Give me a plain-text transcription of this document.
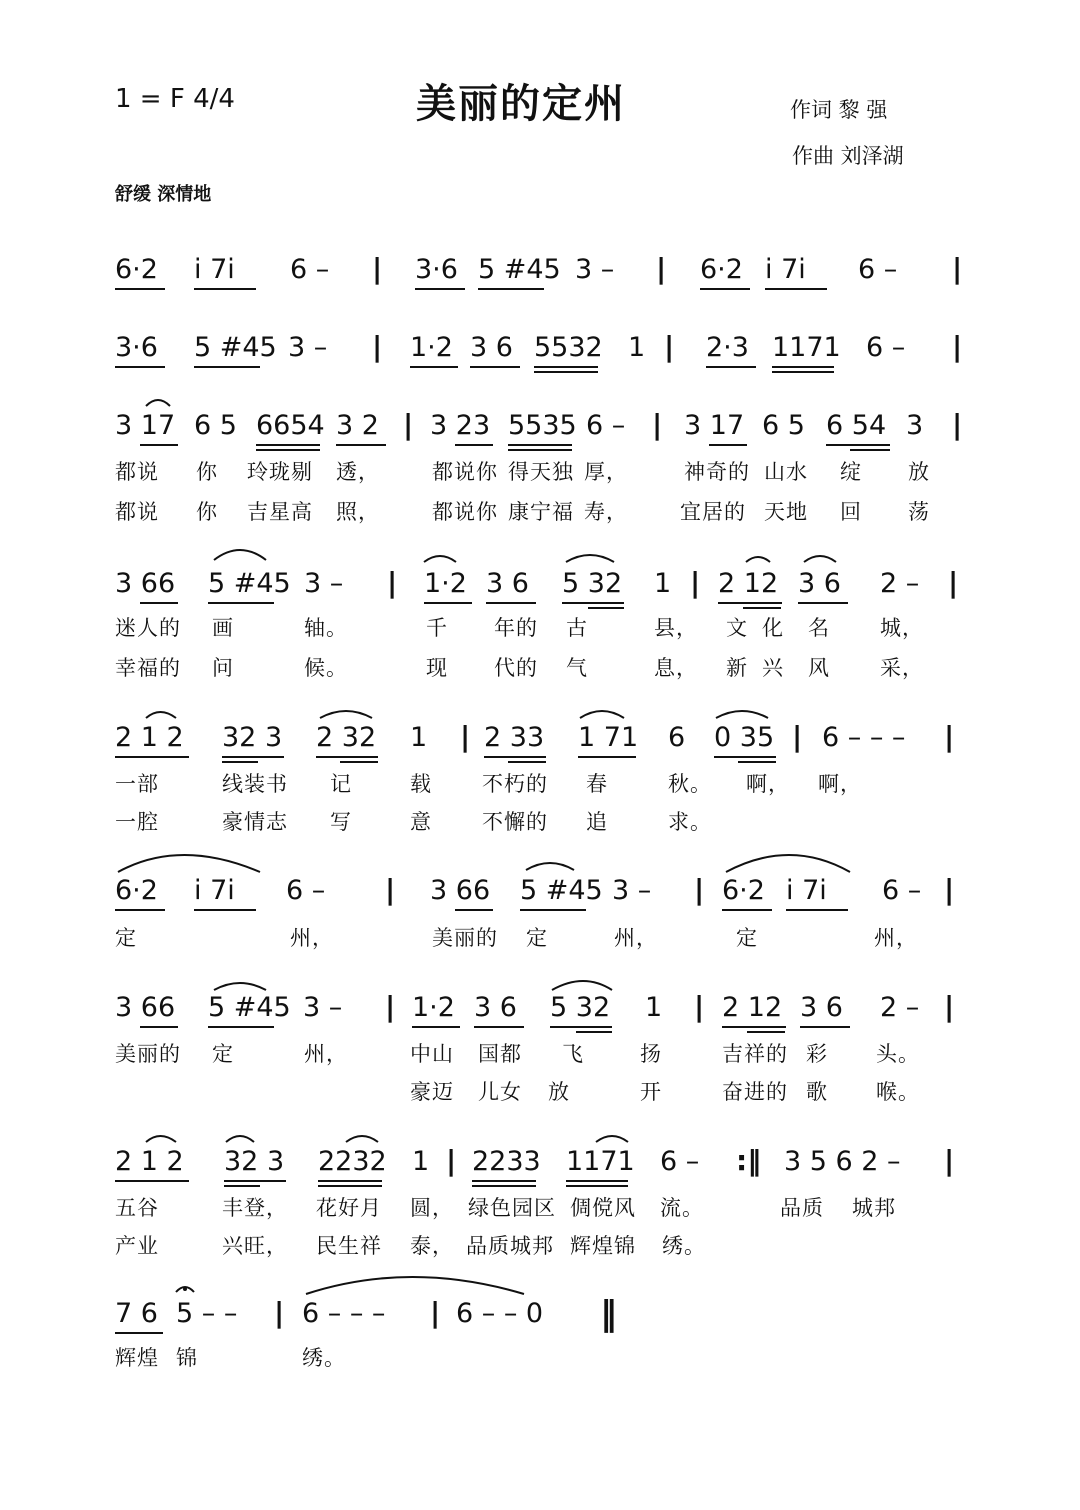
1 = F 4/4	美丽的定州	作词 黎 强
作曲 刘泽湖
舒缓 深情地
6·2 i 7i 6 – | 3·6 5 #45 3 – | 6·2 i 7i 6 – |
3·6 5 #45 3 – | 1·2 3 6 5532 1 | 2·3 1171 6 – |
3 17 6 5 6654 3 2 | 3 23 5535 6 – | 3 17 6 5 6 54 3 |
都说 你 玲珑剔 透， 都说你 得天独 厚，	神奇的 山水 绽 放
都说 你 吉星高 照， 都说你 康宁福 寿， 宜居的 天地 回 荡
3 66 5 #45 3 – | 1·2 3 6 5 32 1 | 2 12 3 6 2 – |
迷人的 画	轴。	千 年的 古	县， 文 化 名 城，
幸福的 问	候。	现 代的 气	息， 新 兴 风 采，
2 1 2 32 3 2 32 1 | 2 33 1 71 6 0 35 | 6 – – – |
一部	线装书 记	载 不朽的 春	秋。 啊， 啊，
一腔	豪情志 写	意 不懈的 追	求。
6·2 i 7i 6 – | 3 66 5 #45 3 – | 6·2 i 7i 6 – |
定	州，	美丽的 定	州，	定	州，
3 66 5 #45 3 – | 1·2 3 6 5 32 1 | 2 12 3 6 2 – |
美丽的 定	州，	中山 国都 飞	扬	吉祥的 彩 头。
豪迈 儿女 放	开	奋进的 歌 喉。
2 1 2 32 3 2232 1 | 2233 1171 6 – :‖ 3 5 6 2 – |
五谷	丰登， 花好月 圆， 绿色园区 倜傥风 流。	品质 城邦
产业	兴旺， 民生祥 泰， 品质城邦 辉煌锦 绣。
7 6 5 – – | 6 – – – | 6 – – 0 ‖
辉煌 锦	绣。
